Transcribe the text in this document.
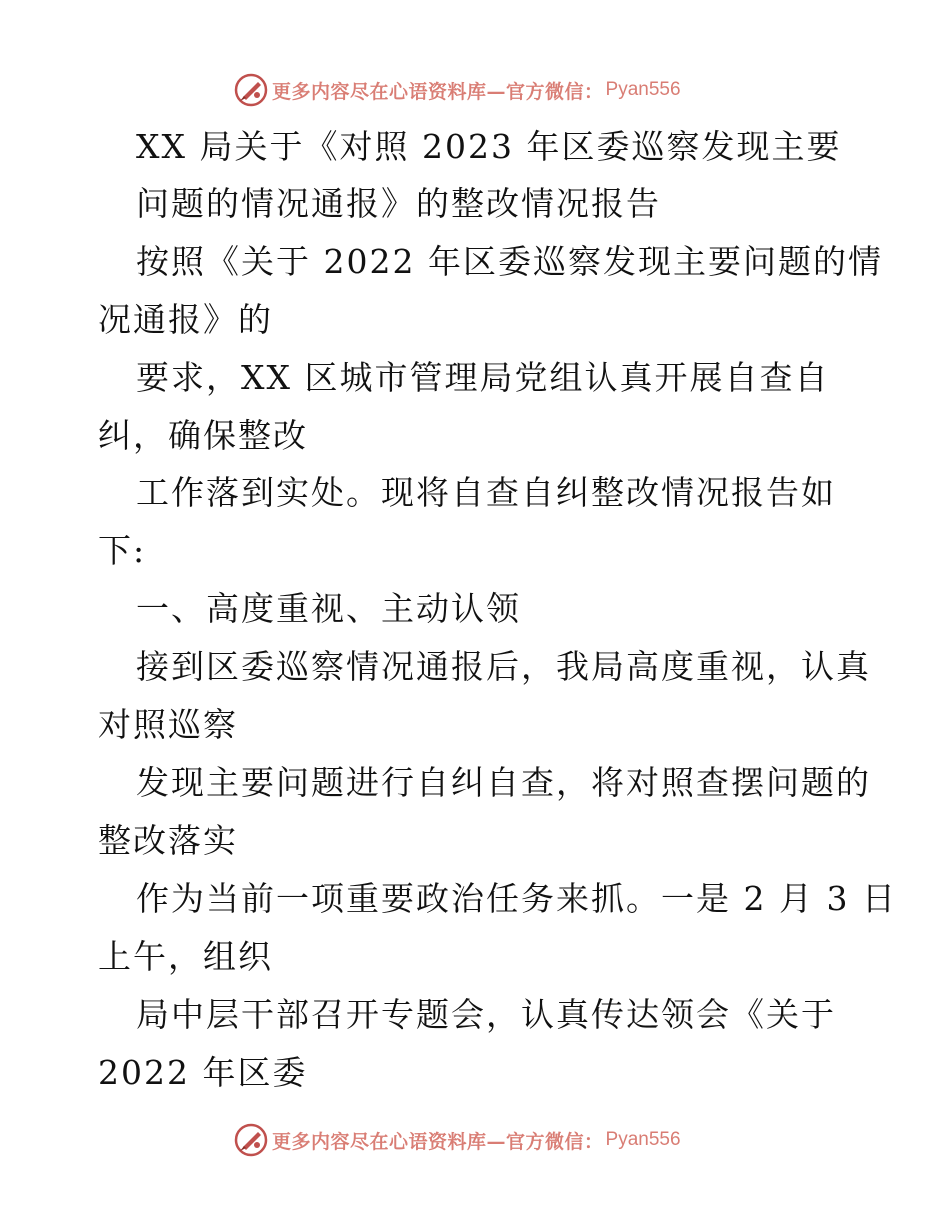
更多内容尽在心语资料库—官方微信： Pyan556
XX 局关于《对照 2023 年区委巡察发现主要
问题的情况通报》的整改情况报告
按照《关于 2022 年区委巡察发现主要问题的情
况通报》的
要求，XX 区城市管理局党组认真开展自查自
纠，确保整改
工作落到实处。现将自查自纠整改情况报告如
下:
一、高度重视、主动认领
接到区委巡察情况通报后，我局高度重视，认真
对照巡察
发现主要问题进行自纠自查，将对照查摆问题的
整改落实
作为当前一项重要政治任务来抓。一是 2 月 3 日
上午，组织
局中层干部召开专题会，认真传达领会《关于
2022 年区委
更多内容尽在心语资料库—官方微信： Pyan556
